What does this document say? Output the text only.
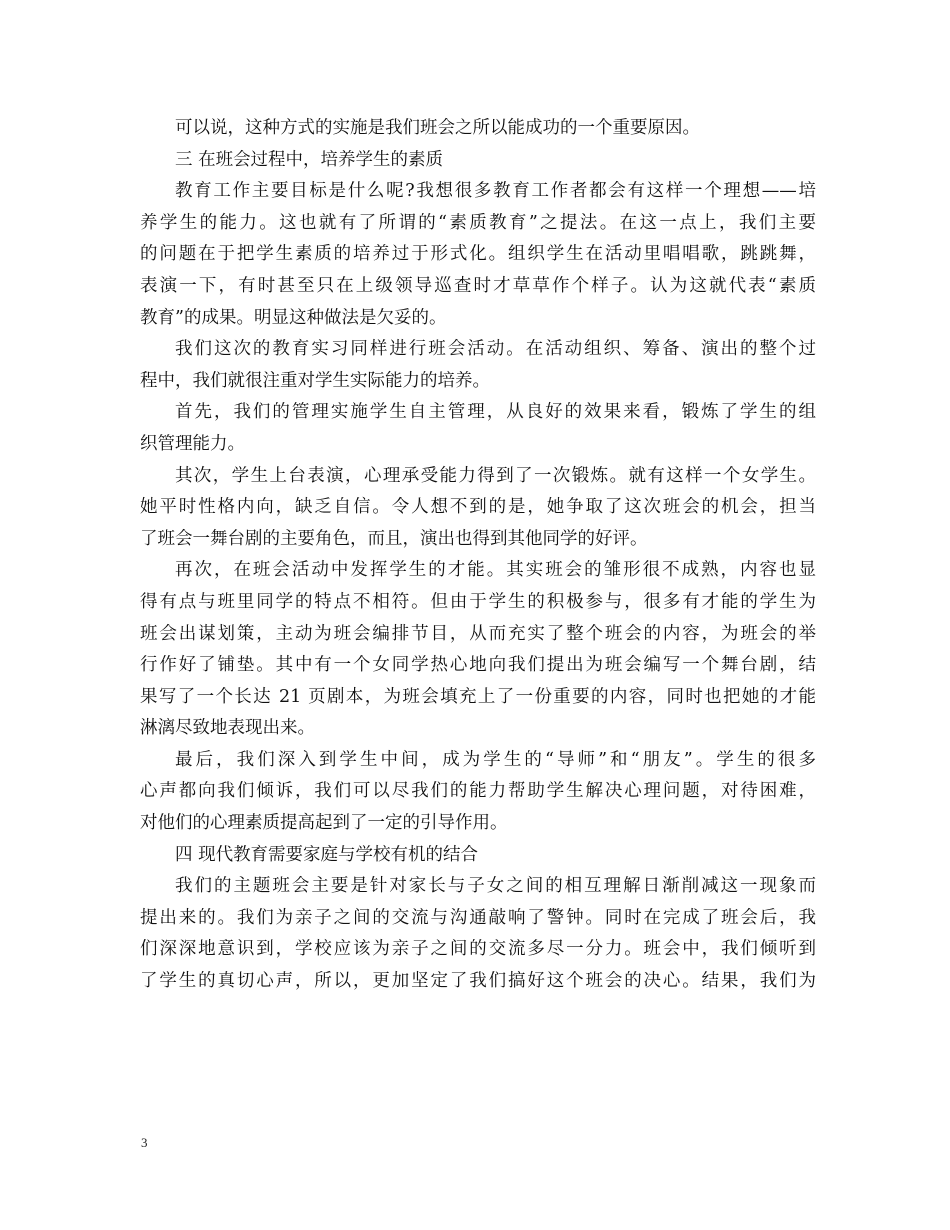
可以说，这种方式的实施是我们班会之所以能成功的一个重要原因。
三 在班会过程中，培养学生的素质
教育工作主要目标是什么呢?我想很多教育工作者都会有这样一个理想——培
养学生的能力。这也就有了所谓的“素质教育”之提法。在这一点上，我们主要
的问题在于把学生素质的培养过于形式化。组织学生在活动里唱唱歌，跳跳舞，
表演一下，有时甚至只在上级领导巡查时才草草作个样子。认为这就代表“素质
教育”的成果。明显这种做法是欠妥的。
我们这次的教育实习同样进行班会活动。在活动组织、筹备、演出的整个过
程中，我们就很注重对学生实际能力的培养。
首先，我们的管理实施学生自主管理，从良好的效果来看，锻炼了学生的组
织管理能力。
其次，学生上台表演，心理承受能力得到了一次锻炼。就有这样一个女学生。
她平时性格内向，缺乏自信。令人想不到的是，她争取了这次班会的机会，担当
了班会一舞台剧的主要角色，而且，演出也得到其他同学的好评。
再次，在班会活动中发挥学生的才能。其实班会的雏形很不成熟，内容也显
得有点与班里同学的特点不相符。但由于学生的积极参与，很多有才能的学生为
班会出谋划策，主动为班会编排节目，从而充实了整个班会的内容，为班会的举
行作好了铺垫。其中有一个女同学热心地向我们提出为班会编写一个舞台剧，结
果写了一个长达 21 页剧本，为班会填充上了一份重要的内容，同时也把她的才能
淋漓尽致地表现出来。
最后，我们深入到学生中间，成为学生的“导师”和“朋友”。学生的很多
心声都向我们倾诉，我们可以尽我们的能力帮助学生解决心理问题，对待困难，
对他们的心理素质提高起到了一定的引导作用。
四 现代教育需要家庭与学校有机的结合
我们的主题班会主要是针对家长与子女之间的相互理解日渐削减这一现象而
提出来的。我们为亲子之间的交流与沟通敲响了警钟。同时在完成了班会后，我
们深深地意识到，学校应该为亲子之间的交流多尽一分力。班会中，我们倾听到
了学生的真切心声，所以，更加坚定了我们搞好这个班会的决心。结果，我们为
3
